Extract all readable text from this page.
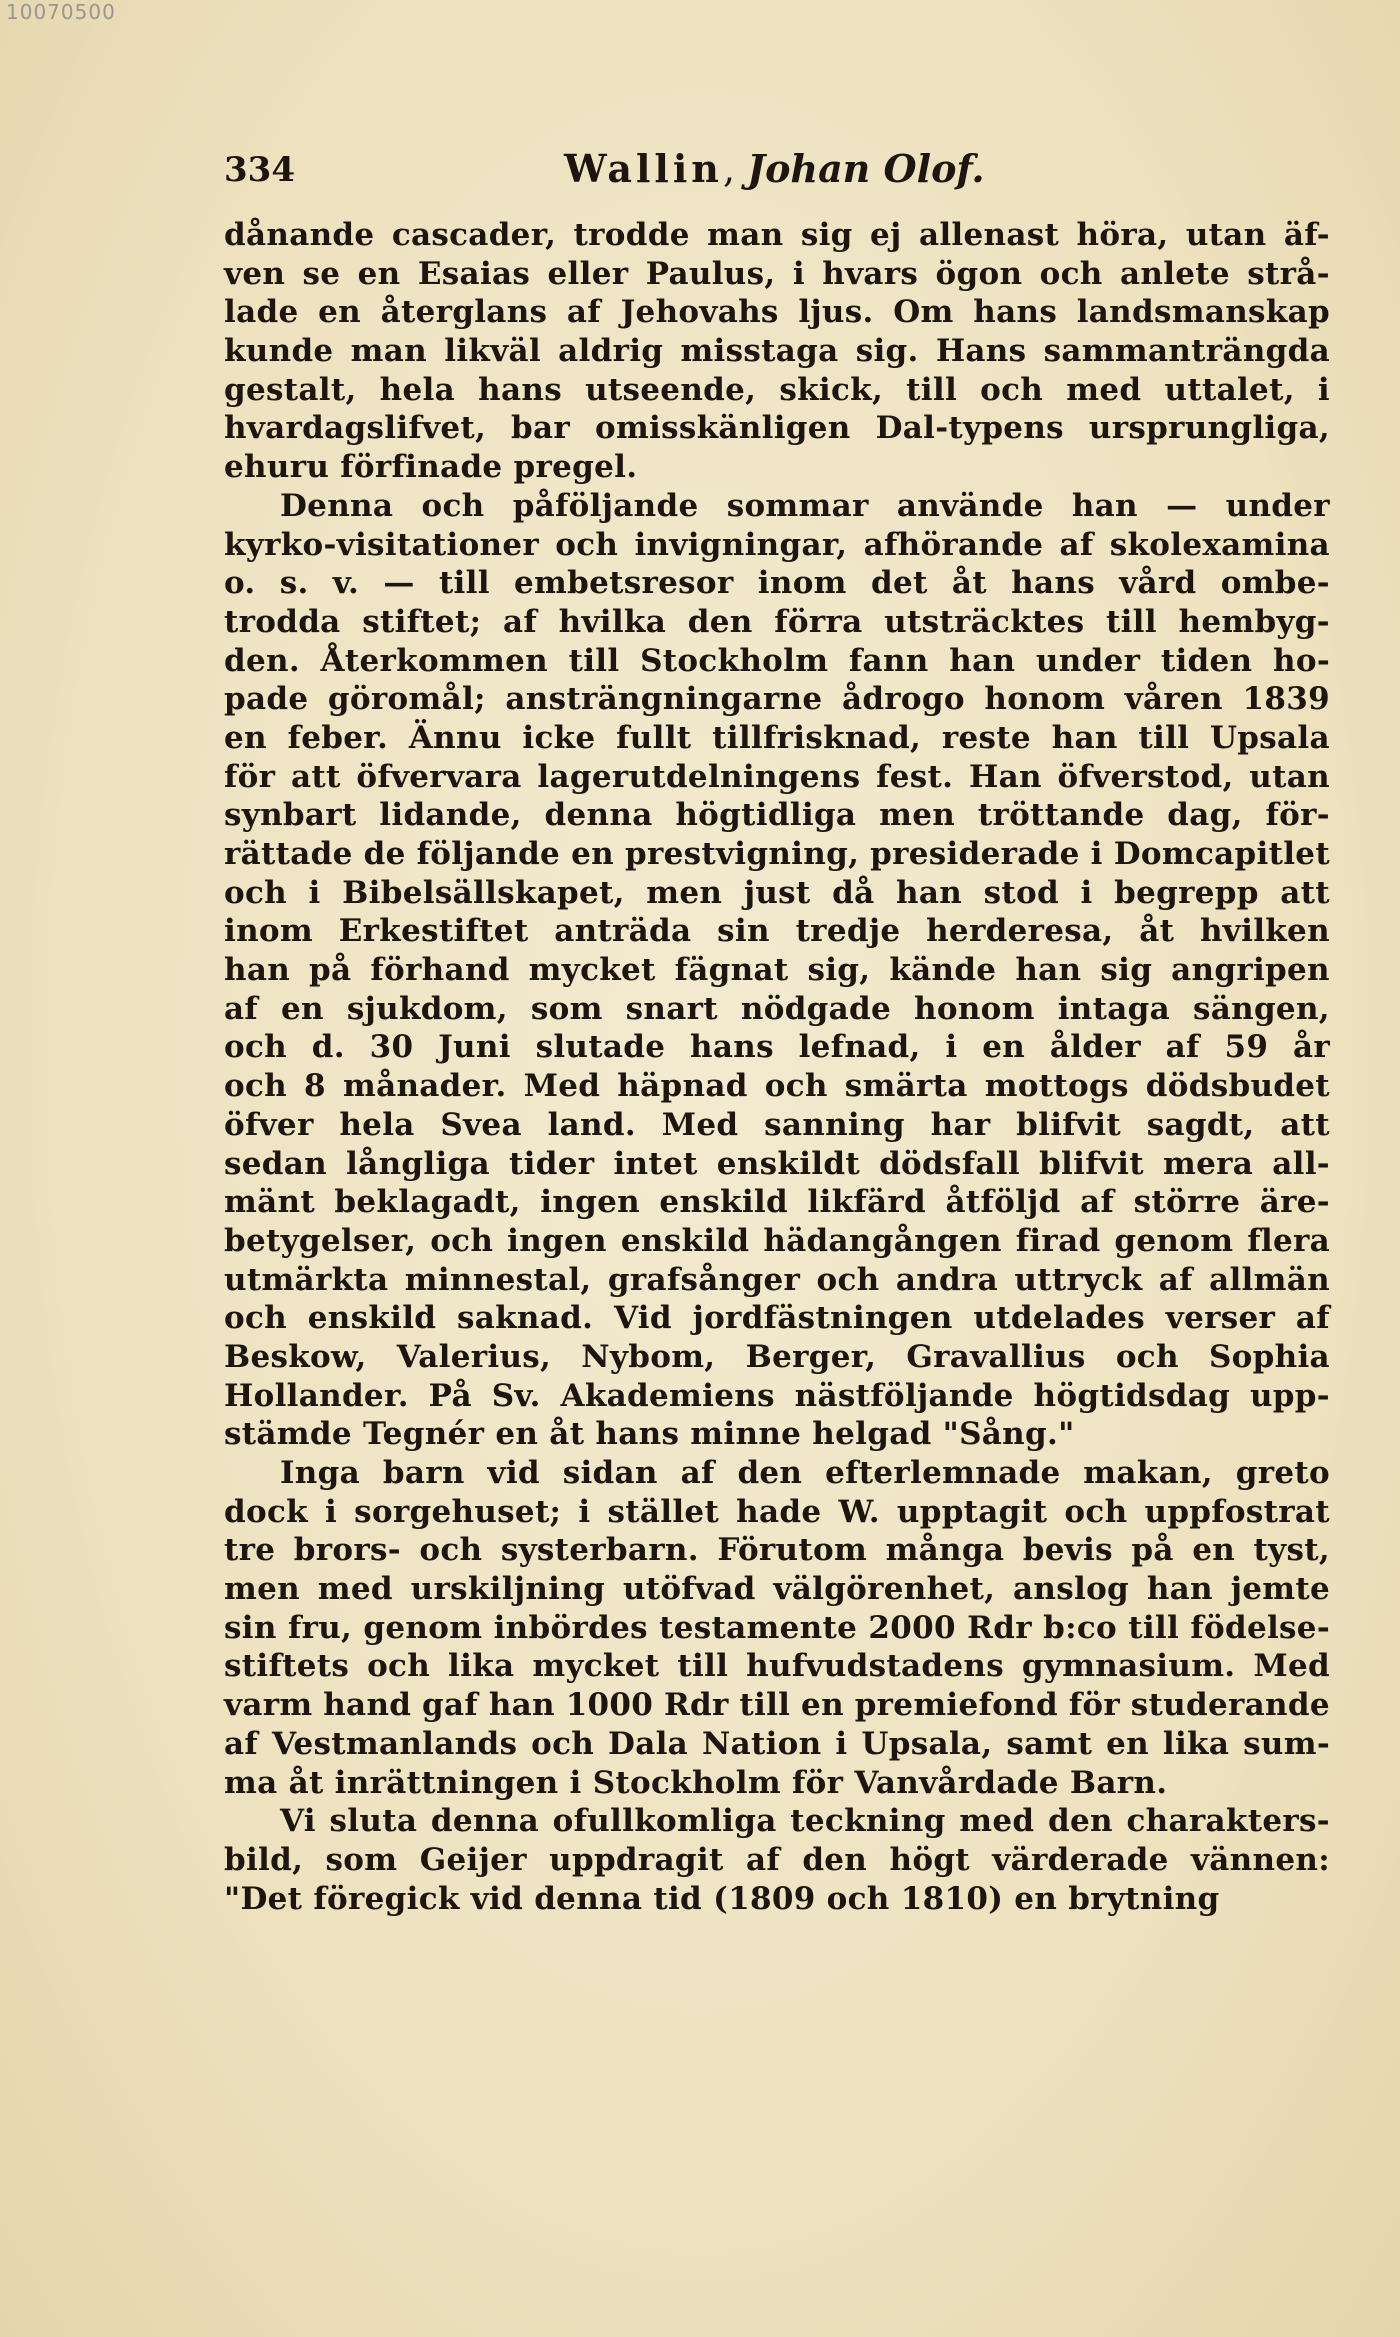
10070500
334	Wallin, Johan Olof.
dånande cascader, trodde man sig ej allenast höra, utan äf-
ven se en Esaias eller Paulus, i hvars ögon och anlete strå-
lade en återglans af Jehovahs ljus. Om hans landsmanskap
kunde man likväl aldrig misstaga sig. Hans sammanträngda
gestalt, hela hans utseende, skick, till och med uttalet, i
hvardagslifvet, bar omisskänligen Dal-typens ursprungliga,
ehuru förfinade pregel.
Denna och påföljande sommar använde han — under
kyrko-visitationer och invigningar, afhörande af skolexamina
o. s. v. — till embetsresor inom det åt hans vård ombe-
trodda stiftet; af hvilka den förra utsträcktes till hembyg-
den. Återkommen till Stockholm fann han under tiden ho-
pade göromål; ansträngningarne ådrogo honom våren 1839
en feber. Ännu icke fullt tillfrisknad, reste han till Upsala
för att öfvervara lagerutdelningens fest. Han öfverstod, utan
synbart lidande, denna högtidliga men tröttande dag, för-
rättade de följande en prestvigning, presiderade i Domcapitlet
och i Bibelsällskapet, men just då han stod i begrepp att
inom Erkestiftet anträda sin tredje herderesa, åt hvilken
han på förhand mycket fägnat sig, kände han sig angripen
af en sjukdom, som snart nödgade honom intaga sängen,
och d. 30 Juni slutade hans lefnad, i en ålder af 59 år
och 8 månader. Med häpnad och smärta mottogs dödsbudet
öfver hela Svea land. Med sanning har blifvit sagdt, att
sedan långliga tider intet enskildt dödsfall blifvit mera all-
mänt beklagadt, ingen enskild likfärd åtföljd af större äre-
betygelser, och ingen enskild hädangången firad genom flera
utmärkta minnestal, grafsånger och andra uttryck af allmän
och enskild saknad. Vid jordfästningen utdelades verser af
Beskow, Valerius, Nybom, Berger, Gravallius och Sophia
Hollander. På Sv. Akademiens nästföljande högtidsdag upp-
stämde Tegnér en åt hans minne helgad "Sång."
Inga barn vid sidan af den efterlemnade makan, greto
dock i sorgehuset; i stället hade W. upptagit och uppfostrat
tre brors- och systerbarn. Förutom många bevis på en tyst,
men med urskiljning utöfvad välgörenhet, anslog han jemte
sin fru, genom inbördes testamente 2000 Rdr b:co till födelse-
stiftets och lika mycket till hufvudstadens gymnasium. Med
varm hand gaf han 1000 Rdr till en premiefond för studerande
af Vestmanlands och Dala Nation i Upsala, samt en lika sum-
ma åt inrättningen i Stockholm för Vanvårdade Barn.
Vi sluta denna ofullkomliga teckning med den charakters-
bild, som Geijer uppdragit af den högt värderade vännen:
"Det föregick vid denna tid (1809 och 1810) en brytning
